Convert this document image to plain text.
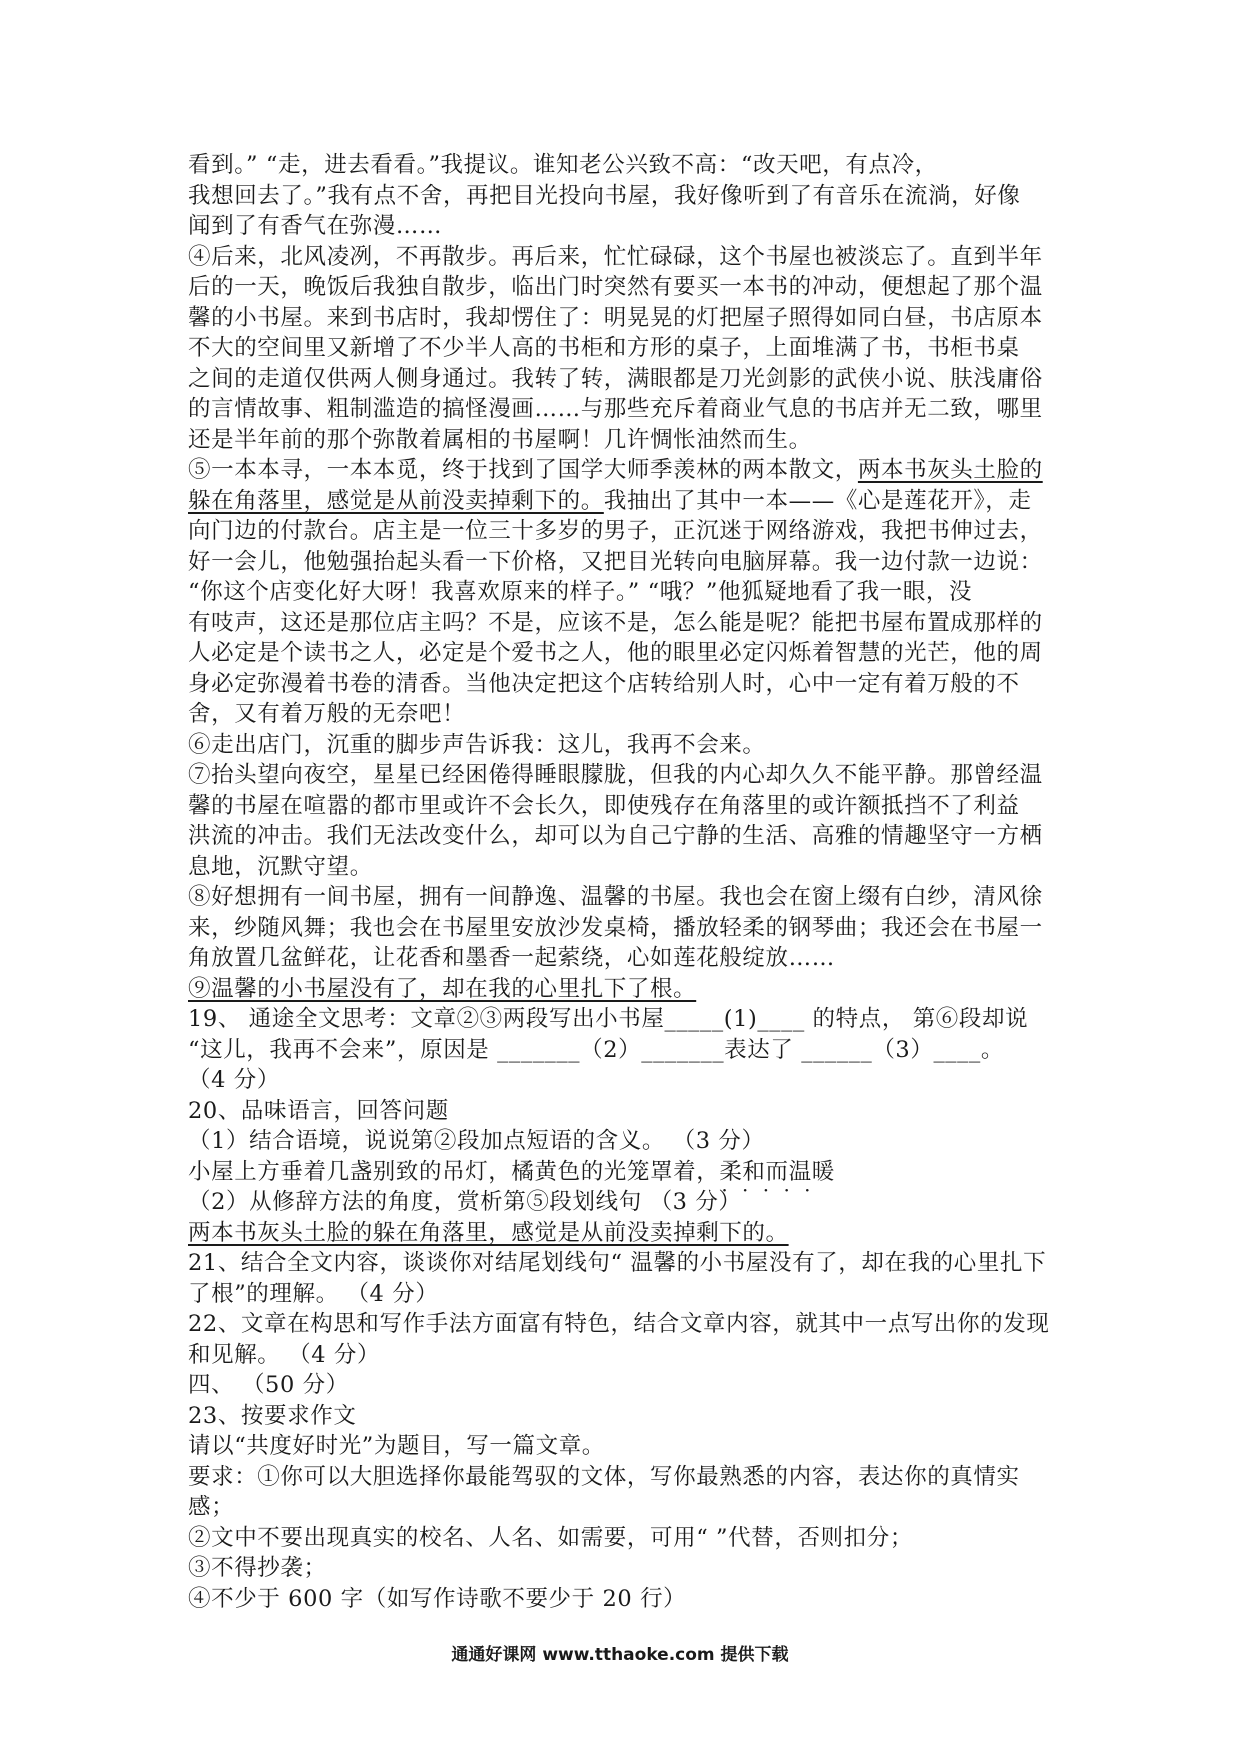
看到。” “走，进去看看。”我提议。谁知老公兴致不高：“改天吧，有点冷，

我想回去了。”我有点不舍，再把目光投向书屋，我好像听到了有音乐在流淌，好像

闻到了有香气在弥漫……

④后来，北风凌冽，不再散步。再后来，忙忙碌碌，这个书屋也被淡忘了。直到半年

后的一天，晚饭后我独自散步，临出门时突然有要买一本书的冲动，便想起了那个温

馨的小书屋。来到书店时，我却愣住了：明晃晃的灯把屋子照得如同白昼，书店原本

不大的空间里又新增了不少半人高的书柜和方形的桌子，上面堆满了书，书柜书桌

之间的走道仅供两人侧身通过。我转了转，满眼都是刀光剑影的武侠小说、肤浅庸俗

的言情故事、粗制滥造的搞怪漫画……与那些充斥着商业气息的书店并无二致，哪里

还是半年前的那个弥散着属相的书屋啊！几许惆怅油然而生。

⑤一本本寻，一本本觅，终于找到了国学大师季羡林的两本散文，两本书灰头土脸的

躲在角落里，感觉是从前没卖掉剩下的。我抽出了其中一本——《心是莲花开》，走

向门边的付款台。店主是一位三十多岁的男子，正沉迷于网络游戏，我把书伸过去，

好一会儿，他勉强抬起头看一下价格，又把目光转向电脑屏幕。我一边付款一边说：

“你这个店变化好大呀！我喜欢原来的样子。” “哦？”他狐疑地看了我一眼，没

有吱声，这还是那位店主吗？不是，应该不是，怎么能是呢？能把书屋布置成那样的

人必定是个读书之人，必定是个爱书之人，他的眼里必定闪烁着智慧的光芒，他的周

身必定弥漫着书卷的清香。当他决定把这个店转给别人时，心中一定有着万般的不

舍，又有着万般的无奈吧！

⑥走出店门，沉重的脚步声告诉我：这儿，我再不会来。

⑦抬头望向夜空，星星已经困倦得睡眼朦胧，但我的内心却久久不能平静。那曾经温

馨的书屋在喧嚣的都市里或许不会长久，即使残存在角落里的或许额抵挡不了利益

洪流的冲击。我们无法改变什么，却可以为自己宁静的生活、高雅的情趣坚守一方栖

息地，沉默守望。

⑧好想拥有一间书屋，拥有一间静逸、温馨的书屋。我也会在窗上缀有白纱，清风徐

来，纱随风舞；我也会在书屋里安放沙发桌椅，播放轻柔的钢琴曲；我还会在书屋一

角放置几盆鲜花，让花香和墨香一起萦绕，心如莲花般绽放……

⑨温馨的小书屋没有了，却在我的心里扎下了根。

19、 通途全文思考：文章②③两段写出小书屋_____(1)____ 的特点， 第⑥段却说

“这儿，我再不会来”，原因是 _______（2）_______表达了 ______（3）____。

（4 分）

20、品味语言，回答问题

（1）结合语境，说说第②段加点短语的含义。 （3 分）

小屋上方垂着几盏别致的吊灯，橘黄色的光笼罩着，柔和而温暖 · ·

（2）从修辞方法的角度，赏析第⑤段划线句 （3 分）

两本书灰头土脸的躲在角落里，感觉是从前没卖掉剩下的。

21、结合全文内容，谈谈你对结尾划线句“ 温馨的小书屋没有了，却在我的心里扎下

了根”的理解。 （4 分）

22、文章在构思和写作手法方面富有特色，结合文章内容，就其中一点写出你的发现

和见解。 （4 分）

四、 （50 分）

23、按要求作文

请以“共度好时光”为题目，写一篇文章。

要求：①你可以大胆选择你最能驾驭的文体，写你最熟悉的内容，表达你的真情实

感；

②文中不要出现真实的校名、人名、如需要，可用“ ”代替，否则扣分；

③不得抄袭；

④不少于 600 字（如写作诗歌不要少于 20 行）

通通好课网 www.tthaoke.com 提供下载
